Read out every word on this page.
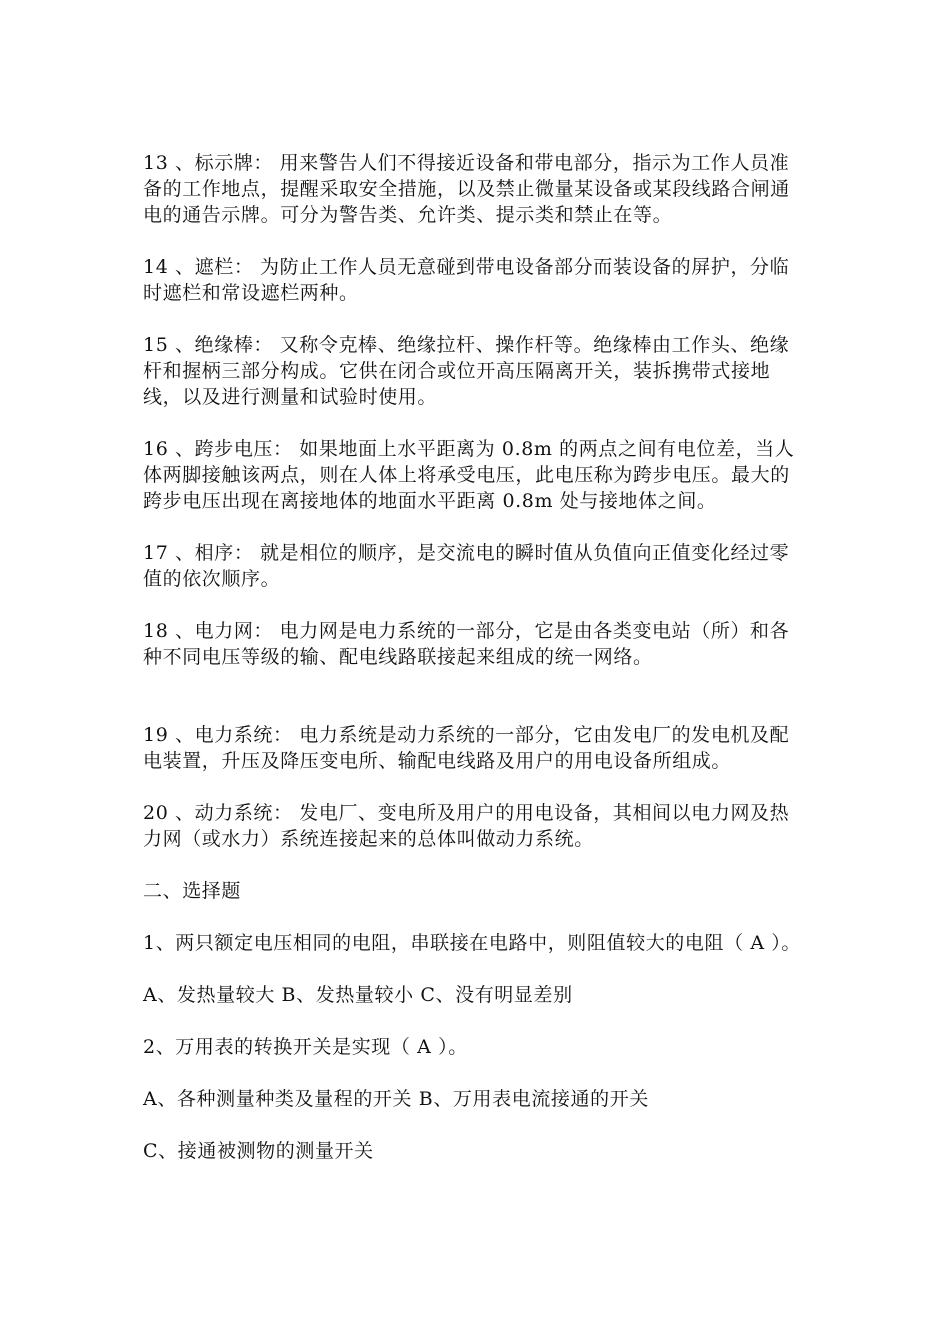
13 、标示牌： 用来警告人们不得接近设备和带电部分，指示为工作人员准备的工作地点，提醒采取安全措施，以及禁止微量某设备或某段线路合闸通电的通告示牌。可分为警告类、允许类、提示类和禁止在等。

14 、遮栏： 为防止工作人员无意碰到带电设备部分而装设备的屏护，分临时遮栏和常设遮栏两种。

15 、绝缘棒： 又称令克棒、绝缘拉杆、操作杆等。绝缘棒由工作头、绝缘杆和握柄三部分构成。它供在闭合或位开高压隔离开关，装拆携带式接地线，以及进行测量和试验时使用。

16 、跨步电压： 如果地面上水平距离为 0.8m 的两点之间有电位差，当人体两脚接触该两点，则在人体上将承受电压，此电压称为跨步电压。最大的跨步电压出现在离接地体的地面水平距离 0.8m 处与接地体之间。

17 、相序： 就是相位的顺序，是交流电的瞬时值从负值向正值变化经过零值的依次顺序。

18 、电力网： 电力网是电力系统的一部分，它是由各类变电站（所）和各种不同电压等级的输、配电线路联接起来组成的统一网络。

19 、电力系统： 电力系统是动力系统的一部分，它由发电厂的发电机及配电装置，升压及降压变电所、输配电线路及用户的用电设备所组成。

20 、动力系统： 发电厂、变电所及用户的用电设备，其相间以电力网及热力网（或水力）系统连接起来的总体叫做动力系统。

二、选择题

1、两只额定电压相同的电阻，串联接在电路中，则阻值较大的电阻（ A ）。

A、发热量较大 B、发热量较小 C、没有明显差别

2、万用表的转换开关是实现（ A ）。

A、各种测量种类及量程的开关 B、万用表电流接通的开关

C、接通被测物的测量开关
